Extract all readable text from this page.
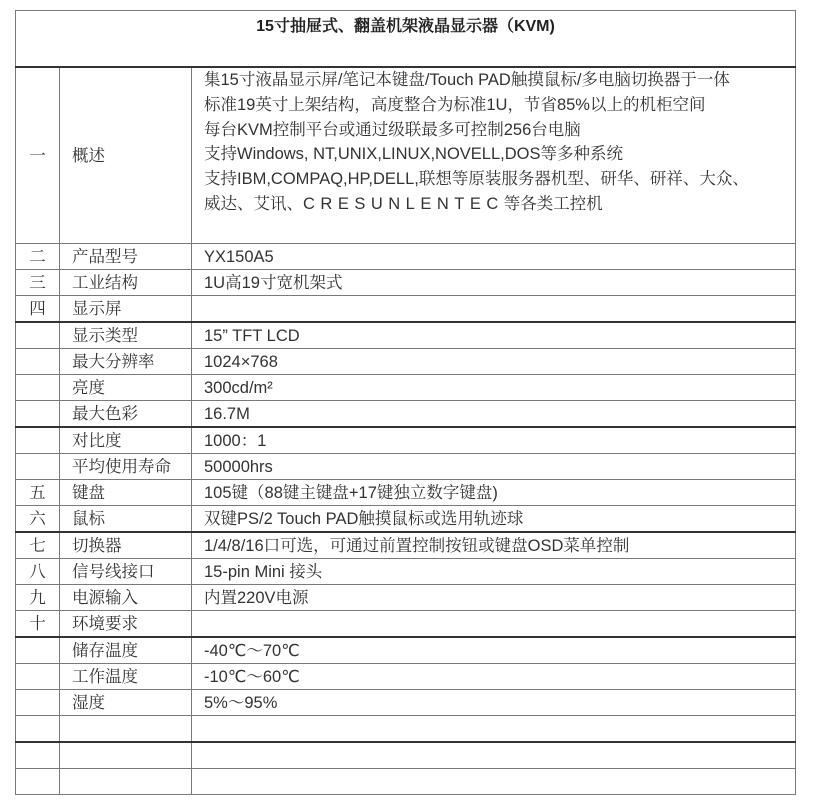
15寸抽屉式、翻盖机架液晶显示器（KVM)		
一	概述	
集15寸液晶显示屏/笔记本键盘/Touch PAD触摸鼠标/多电脑切换器于一体
标准19英寸上架结构，高度整合为标准1U，节省85%以上的机柜空间
每台KVM控制平台或通过级联最多可控制256台电脑
支持Windows, NT,UNIX,LINUX,NOVELL,DOS等多种系统
支持IBM,COMPAQ,HP,DELL,联想等原装服务器机型、研华、研祥、大众、
威达、艾讯、CRESUNLENTEC等各类工控机

二	产品型号	YX150A5
三	工业结构	1U高19寸宽机架式
四	显示屏	
	显示类型	15” TFT LCD
	最大分辨率	1024×768
	亮度	300cd/m²
	最大色彩	16.7M
	对比度	1000：1
	平均使用寿命	50000hrs
五	键盘	105键（88键主键盘+17键独立数字键盘)
六	鼠标	双键PS/2 Touch PAD触摸鼠标或选用轨迹球
七	切换器	1/4/8/16口可选，可通过前置控制按钮或键盘OSD菜单控制
八	信号线接口	15-pin Mini 接头
九	电源输入	内置220V电源
十	环境要求	
	储存温度	-40℃～70℃
	工作温度	-10℃～60℃
	湿度	5%～95%
